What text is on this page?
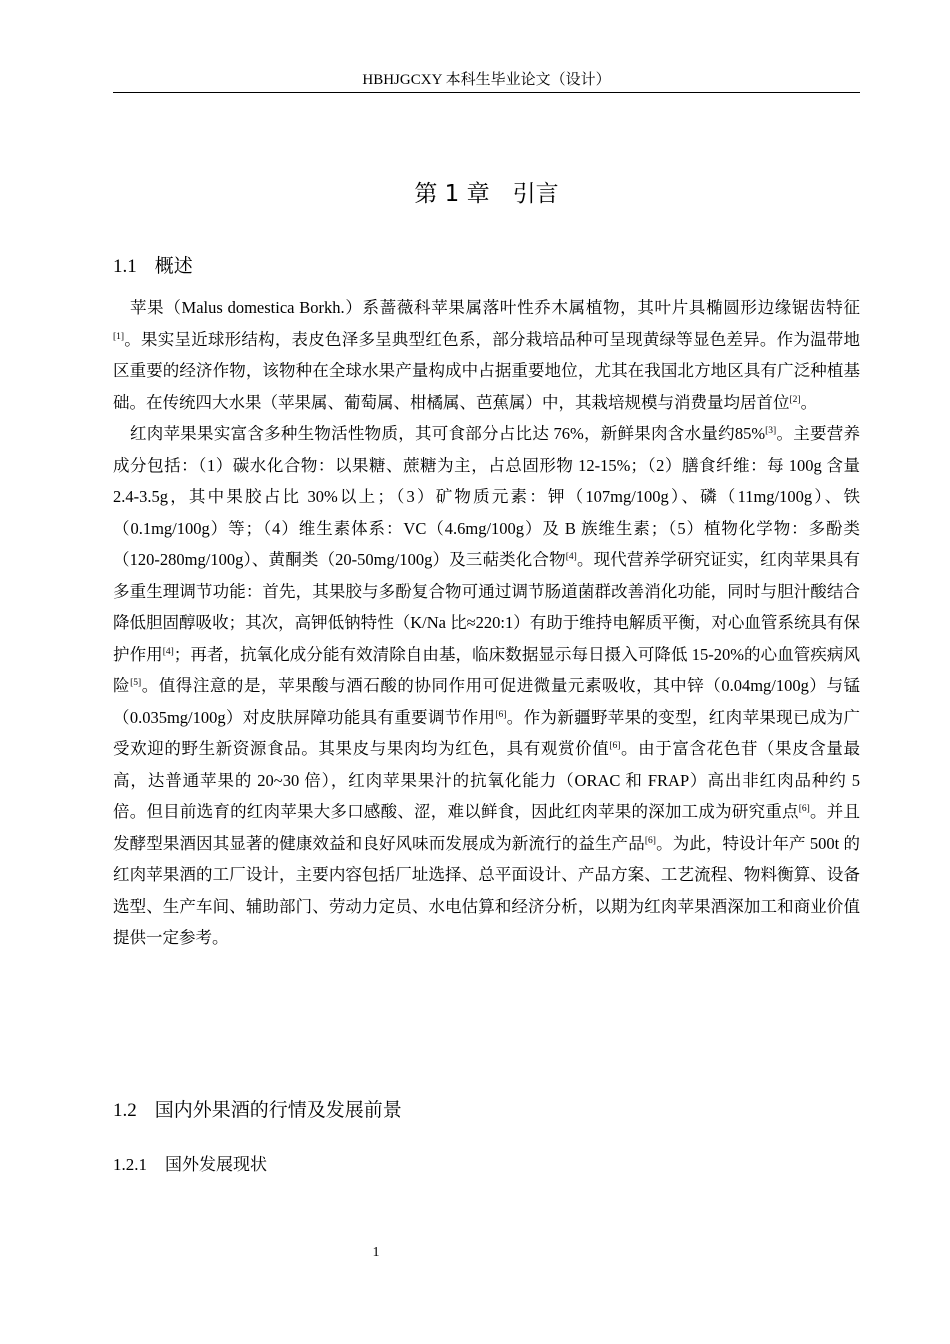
HBHJGCXY 本科生毕业论文（设计）
第 1 章　 引言
1.1 概述

苹果（Malus domestica Borkh.）系蔷薇科苹果属落叶性乔木属植物，其叶片具椭圆形边缘锯齿特征[1]。果实呈近球形结构，表皮色泽多呈典型红色系，部分栽培品种可呈现黄绿等显色差异。作为温带地区重要的经济作物，该物种在全球水果产量构成中占据重要地位，尤其在我国北方地区具有广泛种植基础。在传统四大水果（苹果属、葡萄属、柑橘属、芭蕉属）中，其栽培规模与消费量均居首位[2]。

红肉苹果果实富含多种生物活性物质，其可食部分占比达 76%，新鲜果肉含水量约85%[3]。主要营养成分包括：（1）碳水化合物：以果糖、蔗糖为主，占总固形物 12-15%；（2）膳食纤维：每 100g 含量 2.4-3.5g，其中果胶占比 30%以上；（3）矿物质元素：钾（107mg/100g）、磷（11mg/100g）、铁（0.1mg/100g）等；（4）维生素体系：VC（4.6mg/100g）及 B 族维生素；（5）植物化学物：多酚类（120-280mg/100g）、黄酮类（20-50mg/100g）及三萜类化合物[4]。现代营养学研究证实，红肉苹果具有多重生理调节功能：首先，其果胶与多酚复合物可通过调节肠道菌群改善消化功能，同时与胆汁酸结合降低胆固醇吸收；其次，高钾低钠特性（K/Na 比≈220:1）有助于维持电解质平衡，对心血管系统具有保护作用[4]；再者，抗氧化成分能有效清除自由基，临床数据显示每日摄入可降低 15-20%的心血管疾病风险[5]。值得注意的是，苹果酸与酒石酸的协同作用可促进微量元素吸收，其中锌（0.04mg/100g）与锰（0.035mg/100g）对皮肤屏障功能具有重要调节作用[6]。作为新疆野苹果的变型，红肉苹果现已成为广受欢迎的野生新资源食品。其果皮与果肉均为红色，具有观赏价值[6]。由于富含花色苷（果皮含量最高，达普通苹果的 20~30 倍），红肉苹果果汁的抗氧化能力（ORAC 和 FRAP）高出非红肉品种约 5 倍。但目前选育的红肉苹果大多口感酸、涩，难以鲜食，因此红肉苹果的深加工成为研究重点[6]。并且发酵型果酒因其显著的健康效益和良好风味而发展成为新流行的益生产品[6]。为此，特设计年产 500t 的红肉苹果酒的工厂设计，主要内容包括厂址选择、总平面设计、产品方案、工艺流程、物料衡算、设备选型、生产车间、辅助部门、劳动力定员、水电估算和经济分析，以期为红肉苹果酒深加工和商业价值提供一定参考。

1.2 国内外果酒的行情及发展前景
1.2.1 国外发展现状
1
